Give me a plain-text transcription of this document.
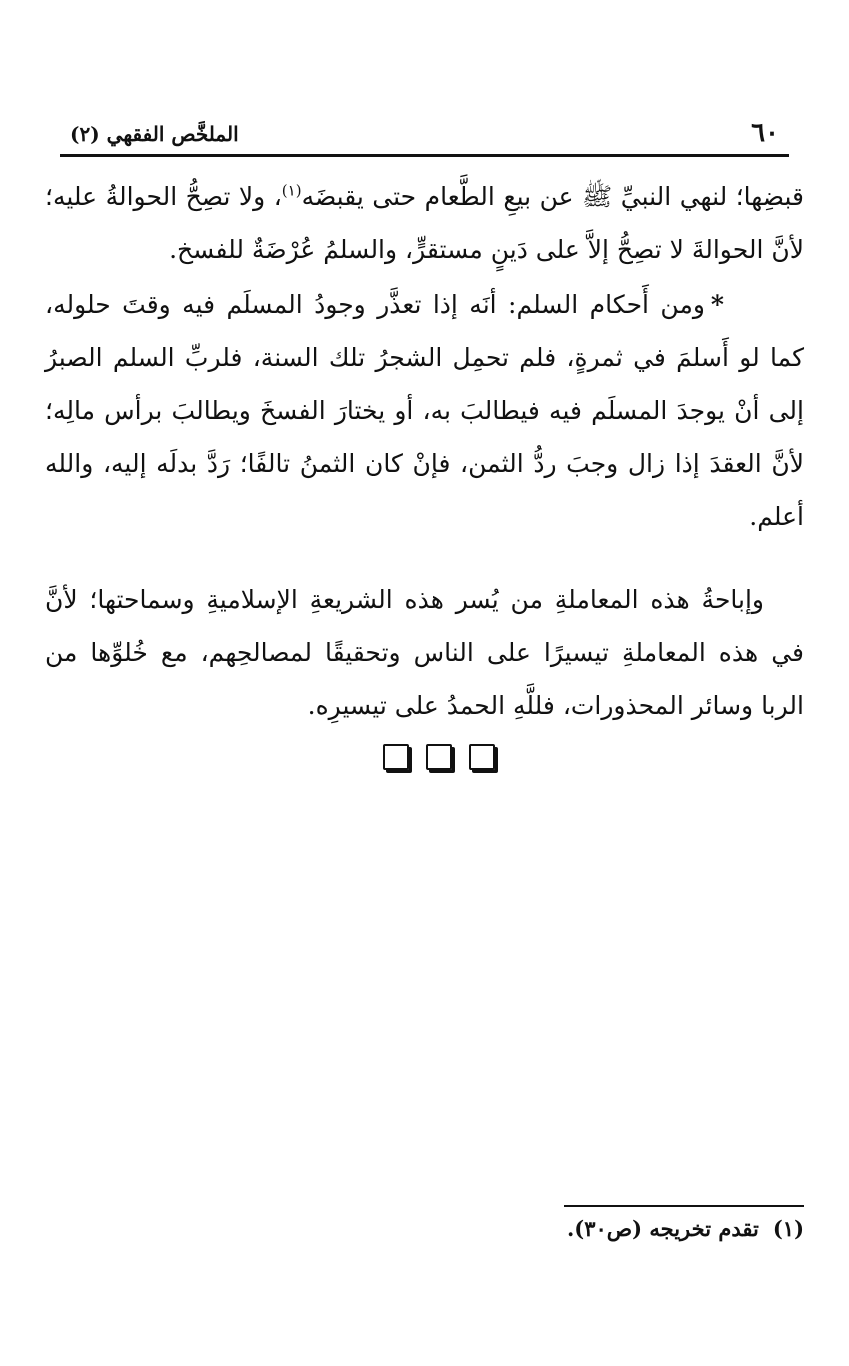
٦٠
الملخَّص الفقهي (٢)

قبضِها؛ لنهي النبيِّ ﷺ عن بيعِ الطَّعام حتى يقبضَه$^{(١)}$، ولا تصِحُّ الحوالةُ عليه؛ لأنَّ الحوالةَ لا تصِحُّ إلاَّ على دَينٍ مستقرٍّ، والسلمُ عُرْضَةٌ للفسخ.

*ومن أَحكام السلم: أنَه إذا تعذَّر وجودُ المسلَم فيه وقتَ حلوله، كما لو أَسلمَ في ثمرةٍ، فلم تحمِل الشجرُ تلك السنة، فلربِّ السلم الصبرُ إلى أنْ يوجدَ المسلَم فيه فيطالبَ به، أو يختارَ الفسخَ ويطالبَ برأس مالِه؛ لأنَّ العقدَ إذا زال وجبَ ردُّ الثمن، فإنْ كان الثمنُ تالفًا؛ رَدَّ بدلَه إليه، والله أعلم.

وإباحةُ هذه المعاملةِ من يُسر هذه الشريعةِ الإسلاميةِ وسماحتها؛ لأنَّ في هذه المعاملةِ تيسيرًا على الناس وتحقيقًا لمصالحِهم، مع خُلوِّها من الربا وسائر المحذورات، فللَّهِ الحمدُ على تيسيرِه.

(١)تقدم تخريجه (ص٣٠).
